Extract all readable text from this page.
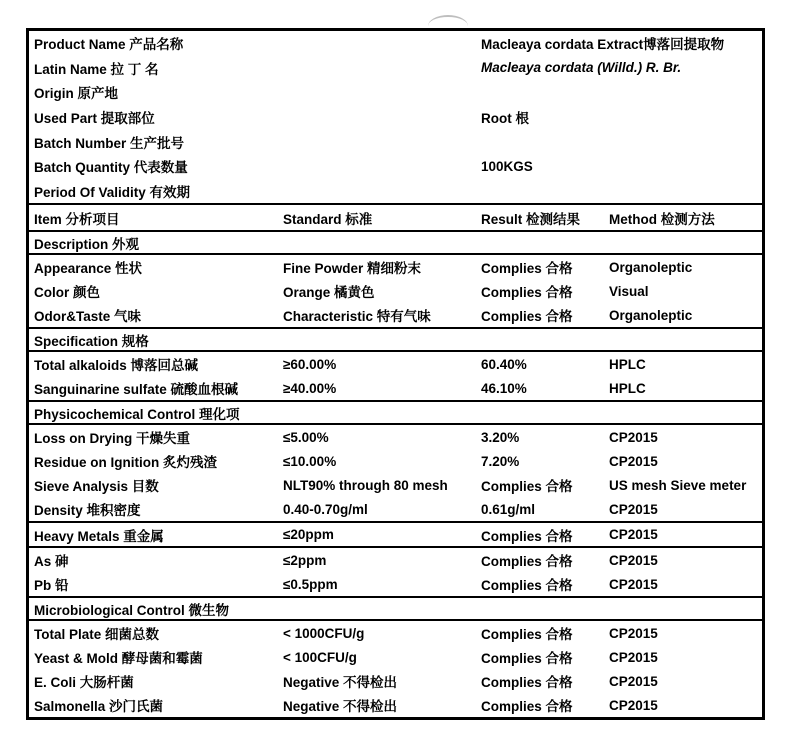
Product Name 产品名称	Macleaya cordata Extract博落回提取物
Latin Name 拉 丁 名	Macleaya cordata (Willd.) R. Br.
Origin 原产地
Used Part 提取部位	Root 根
Batch Number 生产批号
Batch Quantity 代表数量	100KGS
Period Of Validity 有效期
Item 分析项目	Standard 标准	Result 检测结果	Method 检测方法
Description 外观
Appearance 性状	Fine Powder 精细粉末	Complies 合格	Organoleptic
Color 颜色	Orange 橘黄色	Complies 合格	Visual
Odor&Taste 气味	Characteristic 特有气味	Complies 合格	Organoleptic
Specification 规格
Total alkaloids 博落回总碱	≥60.00%	60.40%	HPLC
Sanguinarine sulfate 硫酸血根碱	≥40.00%	46.10%	HPLC
Physicochemical Control 理化项
Loss on Drying 干燥失重	≤5.00%	3.20%	CP2015
Residue on Ignition 炙灼残渣	≤10.00%	7.20%	CP2015
Sieve Analysis 目数	NLT90% through 80 mesh	Complies 合格	US mesh Sieve meter
Density 堆积密度	0.40-0.70g/ml	0.61g/ml	CP2015
Heavy Metals 重金属	≤20ppm	Complies 合格	CP2015
As 砷	≤2ppm	Complies 合格	CP2015
Pb 铅	≤0.5ppm	Complies 合格	CP2015
Microbiological Control 微生物
Total Plate 细菌总数	< 1000CFU/g	Complies 合格	CP2015
Yeast & Mold 酵母菌和霉菌	< 100CFU/g	Complies 合格	CP2015
E. Coli 大肠杆菌	Negative 不得检出	Complies 合格	CP2015
Salmonella 沙门氏菌	Negative 不得检出	Complies 合格	CP2015
